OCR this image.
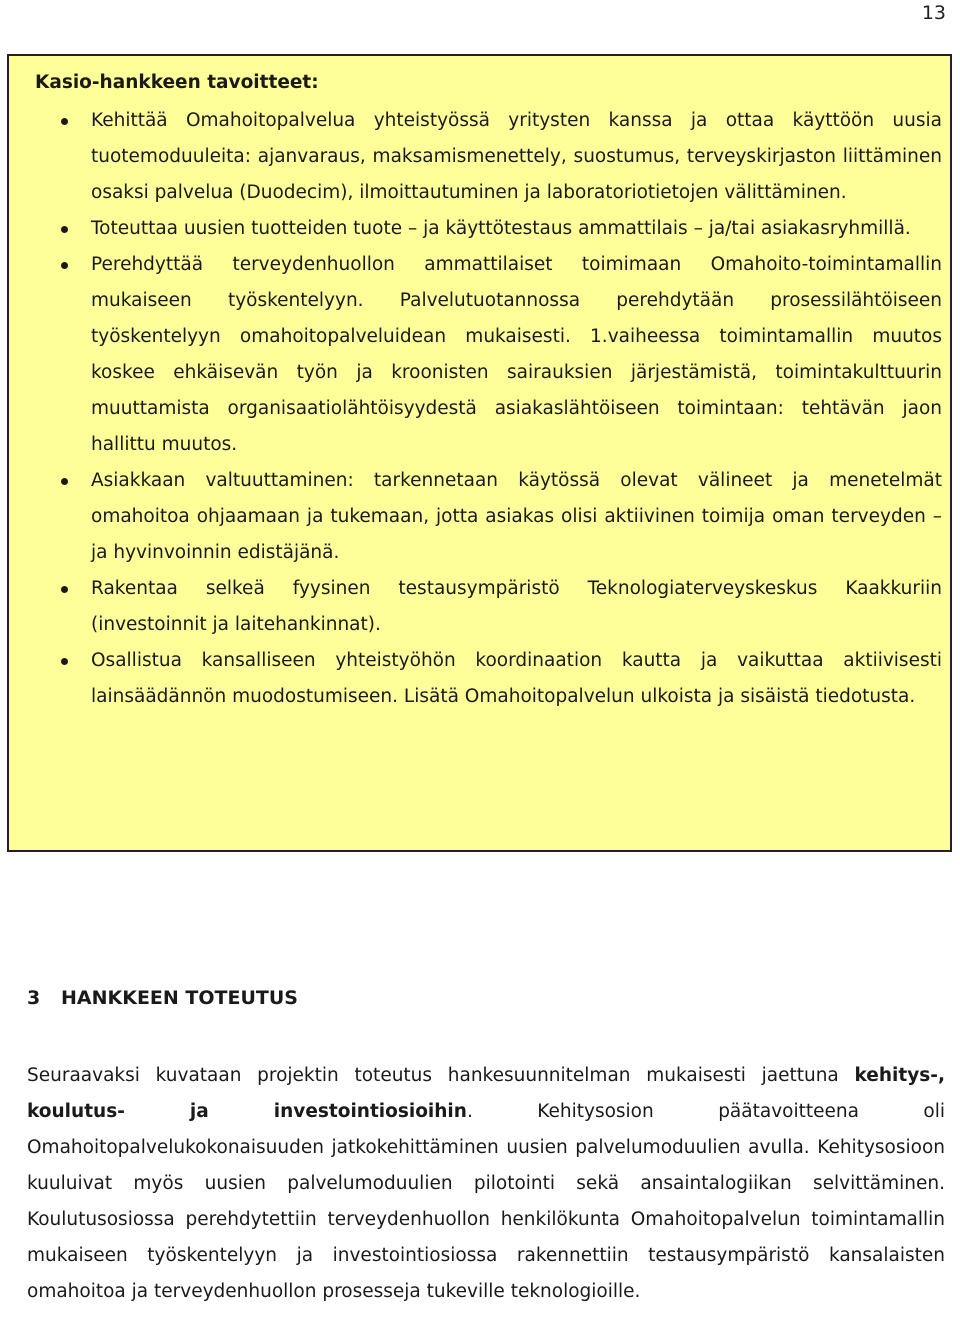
13

Kasio-hankkeen tavoitteet:

Kehittää Omahoitopalvelua yhteistyössä yritysten kanssa ja ottaa käyttöön uusia tuotemoduuleita: ajanvaraus, maksamismenettely, suostumus, terveyskirjaston liittäminen osaksi palvelua (Duodecim), ilmoittautuminen ja laboratoriotietojen välittäminen.
Toteuttaa uusien tuotteiden tuote – ja käyttötestaus ammattilais – ja/tai asiakasryhmillä.
Perehdyttää terveydenhuollon ammattilaiset toimimaan Omahoito-toimintamallin mukaiseen työskentelyyn. Palvelutuotannossa perehdytään prosessilähtöiseen työskentelyyn omahoitopalveluidean mukaisesti. 1.vaiheessa toimintamallin muutos koskee ehkäisevän työn ja kroonisten sairauksien järjestämistä, toimintakulttuurin muuttamista organisaatiolähtöisyydestä asiakaslähtöiseen toimintaan: tehtävän jaon hallittu muutos.
Asiakkaan valtuuttaminen: tarkennetaan käytössä olevat välineet ja menetelmät omahoitoa ohjaamaan ja tukemaan, jotta asiakas olisi aktiivinen toimija oman terveyden – ja hyvinvoinnin edistäjänä.
Rakentaa selkeä fyysinen testausympäristö Teknologiaterveyskeskus Kaakkuriin (investoinnit ja laitehankinnat).
Osallistua kansalliseen yhteistyöhön koordinaation kautta ja vaikuttaa aktiivisesti lainsäädännön muodostumiseen. Lisätä Omahoitopalvelun ulkoista ja sisäistä tiedotusta.
3 HANKKEEN TOTEUTUS

Seuraavaksi kuvataan projektin toteutus hankesuunnitelman mukaisesti jaettuna kehitys-, koulutus- ja investointiosioihin. Kehitysosion päätavoitteena oli Omahoitopalvelukokonaisuuden jatkokehittäminen uusien palvelumoduulien avulla. Kehitysosioon kuuluivat myös uusien palvelumoduulien pilotointi sekä ansaintalogiikan selvittäminen. Koulutusosiossa perehdytettiin terveydenhuollon henkilökunta Omahoitopalvelun toimintamallin mukaiseen työskentelyyn ja investointiosiossa rakennettiin testausympäristö kansalaisten omahoitoa ja terveydenhuollon prosesseja tukeville teknologioille.
